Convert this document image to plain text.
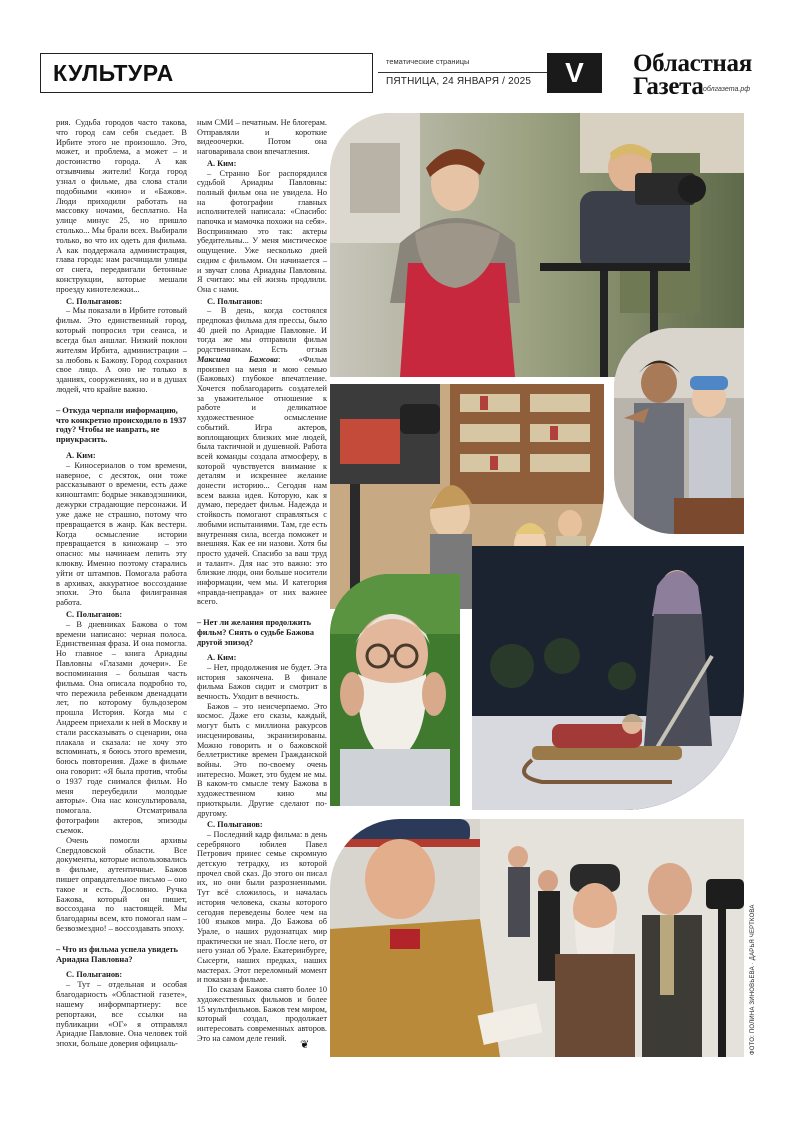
КУЛЬТУРА	тематические страницы
ПЯТНИЦА, 24 ЯНВАРЯ / 2025	V	Областная
Газета облгазета.рф

рия. Судьба городов часто такова, что город сам себя съедает. В Ирбите этого не произошло. Это, может, и проблема, а может – и достоинство города. А как отзывчивы жители! Когда город узнал о фильме, два слова стали подобными «кино» и «Бажов». Люди приходили работать на массовку ночами, бесплатно. На улице минус 25, но пришло столько... Мы брали всех. Выбирали только, во что их одеть для фильма. А как поддержала администрация, глава города: нам расчищали улицы от снега, передвигали бетонные конструкции, которые мешали проезду кинотележки...

С. Полыганов:

– Мы показали в Ирбите готовый фильм. Это единственный город, который попросил три сеанса, и всегда был аншлаг. Низкий поклон жителям Ирбита, администрации – за любовь к Бажову. Город сохранил свое лицо. А оно не только в зданиях, сооружениях, но и в душах людей, что крайне важно.

– Откуда черпали информацию, что конкретно происходило в 1937 году? Чтобы не наврать, не приукрасить.

А. Ким:

– Киносериалов о том времени, наверное, с десяток, они тоже рассказывают о времени, есть даже киноштамп: бодрые энкавэдэшники, дежурки страдающие персонажи. И уже даже не страшно, потому что превращается в жанр. Как вестерн. Когда осмысление истории превращается в киножанр – это опасно: мы начинаем лепить эту клюкву. Именно поэтому старались уйти от штампов. Помогала работа в архивах, аккуратное воссоздание эпохи. Это была филигранная работа.

С. Полыганов:

– В дневниках Бажова о том времени написано: черная полоса. Единственная фраза. И она помогла. Но главное – книга Ариадны Павловны «Глазами дочери». Ее воспоминания – большая часть фильма. Она описала подробно то, что пережила ребенком двенадцати лет, по которому бульдозером прошла История. Когда мы с Андреем приехали к ней в Москву и стали рассказывать о сценарии, она плакала и сказала: не хочу это вспоминать, я боюсь этого времени, боюсь повторения. Даже в фильме она говорит: «Я была против, чтобы о 1937 годе снимался фильм. Но меня переубедили молодые авторы». Она нас консультировала, помогала. Отсматривала фотографии актеров, эпизоды съемок.

Очень помогли архивы Свердловской области. Все документы, которые использовались в фильме, аутентичные. Бажов пишет оправдательное письмо – оно такое и есть. Дословно. Ручка Бажова, который он пишет, воссоздана по настоящей. Мы благодарны всем, кто помогал нам – безвозмездно! – воссоздавать эпоху.

– Что из фильма успела увидеть Ариадна Павловна?

С. Полыганов:

– Тут – отдельная и особая благодарность «Областной газете», нашему информпартнеру: все репортажи, все ссылки на публикации «ОГ» я отправлял Ариадне Павловне. Она человек той эпохи, больше доверия официаль-

ным СМИ – печатным. Не блогерам. Отправляли и короткие видеоочерки. Потом она наговаривала свои впечатления.

А. Ким:

– Странно Бог распорядился судьбой Ариадны Павловны: полный фильм она не увидела. Но на фотографии главных исполнителей написала: «Спасибо: папочка и мамочка похожи на себя». Воспринимаю это так: актеры убедительны... У меня мистическое ощущение. Уже несколько дней сидим с фильмом. Он начинается – и звучат слова Ариадны Павловны. Я считаю: мы ей жизнь продлили. Она с нами.

С. Полыганов:

– В день, когда состоялся предпоказ фильма для прессы, было 40 дней по Ариадне Павловне. И тогда же мы отправили фильм родственникам. Есть отзыв Максима Бажова: «Фильм произвел на меня и мою семью (Бажовых) глубокое впечатление. Хочется поблагодарить создателей за уважительное отношение к работе и деликатное художественное осмысление событий. Игра актеров, воплощающих близких мне людей, была тактичной и душевной. Работа всей команды создала атмосферу, в которой чувствуется внимание к деталям и искреннее желание донести историю... Сегодня нам всем важна идея. Которую, как я думаю, передает фильм. Надежда и стойкость помогают справляться с любыми испытаниями. Там, где есть внутренняя сила, всегда поможет и внешняя. Как ее ни назови. Хотя бы просто удачей. Спасибо за ваш труд и талант». Для нас это важно: это близкие люди, они больше носители информации, чем мы. И категория «правда-неправда» от них важнее всего.

– Нет ли желания продолжить фильм? Снять о судьбе Бажова другой эпизод?

А. Ким:

– Нет, продолжения не будет. Эта история закончена. В финале фильма Бажов сидит и смотрит в вечность. Уходит в вечность.

Бажов – это неисчерпаемо. Это космос. Даже его сказы, каждый, могут быть с миллиона ракурсов инсценированы, экранизированы. Можно говорить и о бажовской беллетристике времен Гражданской войны. Это по-своему очень интересно. Может, это будем не мы. В каком-то смысле тему Бажова в художественном кино мы приоткрыли. Другие сделают по-другому.

С. Полыганов:

– Последний кадр фильма: в день серебряного юбилея Павел Петрович принес семье скромную детскую тетрадку, из которой прочел свой сказ. До этого он писал их, но они были разрозненными. Тут всё сложилось, и началась история человека, сказы которого сегодня переведены более чем на 100 языков мира. До Бажова об Урале, о наших рудознатцах мир практически не знал. После него, от него узнал об Урале. Екатеринбурге, Сысерти, наших предках, наших мастерах. Этот переломный момент и показан в фильме.

По сказам Бажова снято более 10 художественных фильмов и более 15 мультфильмов. Бажов тем миром, который создал, продолжает интересовать современных авторов. Это на самом деле гений.	ФОТО: ПОЛИНА ЗИНОВЬЕВА · ДАРЬЯ ЧЕРТКОВА
❦
